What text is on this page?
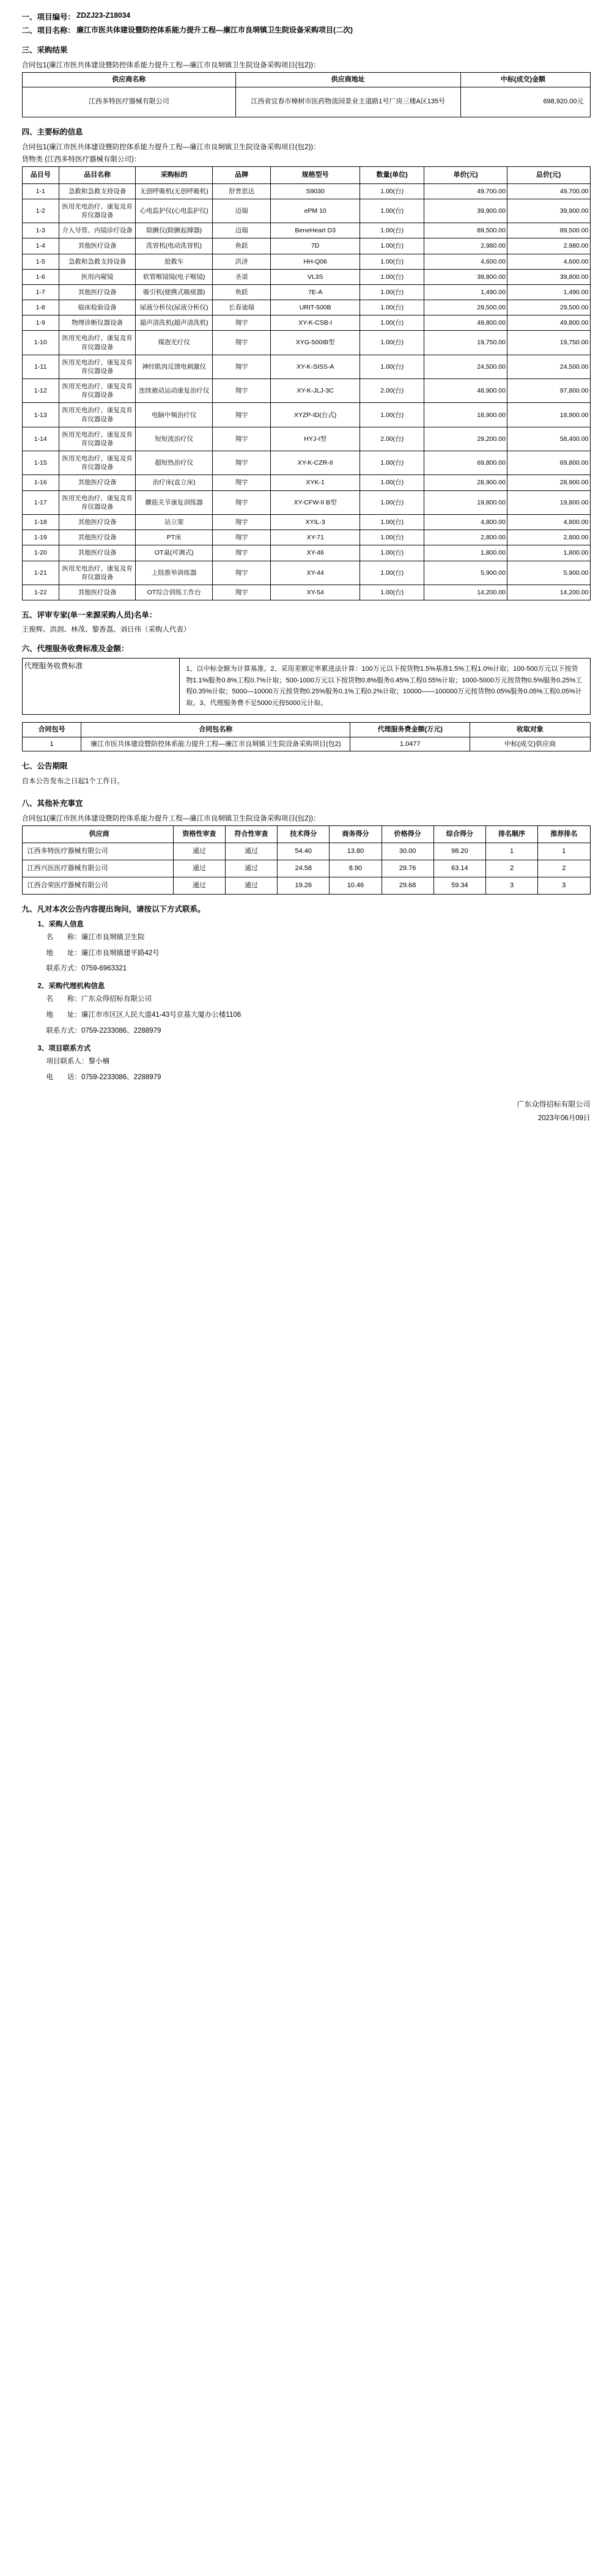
一、项目编号： ZDZJ23-Z18034
二、项目名称： 廉江市医共体建设暨防控体系能力提升工程—廉江市良垌镇卫生院设备采购项目(二次)
三、采购结果
合同包1(廉江市医共体建设暨防控体系能力提升工程—廉江市良垌镇卫生院设备采购项目(包2))：
供应商名称	供应商地址	中标(成交)金额
江西多特医疗器械有限公司	江西省宜春市樟树市医药物流园景业主道路1号厂房三楼A区135号	698,920.00元
四、主要标的信息
合同包1(廉江市医共体建设暨防控体系能力提升工程—廉江市良垌镇卫生院设备采购项目(包2))：
货物类 (江西多特医疗器械有限公司)：
品目号	品目名称	采购标的	品牌	规格型号	数量(单位)	单价(元)	总价(元)
1-1	急救和急救支持设备	无创呼吸机(无创呼吸机)	舒普思达	S9030	1.00(台)	49,700.00	49,700.00
1-2	医用光电治疗、康复及育育仪器设备	心电监护仪(心电监护仪)	迈瑞	ePM 10	1.00(台)	39,900.00	39,900.00
1-3	介入导管、内镜诊疗设备	除颤仪(除颤起搏器)	迈瑞	BeneHeart D3	1.00(台)	89,500.00	89,500.00
1-4	其他医疗设备	洗胃机(电动洗胃机)	鱼跃	7D	1.00(台)	2,980.00	2,980.00
1-5	急救和急救支持设备	抢救车	洪济	HH-Q06	1.00(台)	4,600.00	4,600.00
1-6	医用内窥镜	软管喉镜镜(电子喉镜)	圣诺	VL3S	1.00(台)	39,800.00	39,800.00
1-7	其他医疗设备	吸引机(便携式吸痰器)	鱼跃	7E-A	1.00(台)	1,490.00	1,490.00
1-8	临床检验设备	尿液分析仪(尿液分析仪)	长春迪瑞	URIT-500B	1.00(台)	29,500.00	29,500.00
1-9	物理诊断仪器设备	超声清洗机(超声清洗机)	翔宇	XY-K-CSB-I	1.00(台)	49,800.00	49,800.00
1-10	医用光电治疗、康复及育育仪器设备	煤泡光疗仪	翔宇	XYG-500IB型	1.00(台)	19,750.00	19,750.00
1-11	医用光电治疗、康复及育育仪器设备	神经肌肉反馈电刺激仪	翔宇	XY-K-SISS-A	1.00(台)	24,500.00	24,500.00
1-12	医用光电治疗、康复及育育仪器设备	连续被动运动康复治疗仪	翔宇	XY-K-JLJ-3C	2.00(台)	48,900.00	97,800.00
1-13	医用光电治疗、康复及育育仪器设备	电脑中频治疗仪	翔宇	XYZP-ID(台式)	1.00(台)	18,900.00	18,900.00
1-14	医用光电治疗、康复及育育仪器设备	短短波治疗仪	翔宇	HYJ-I型	2.00(台)	29,200.00	58,400.00
1-15	医用光电治疗、康复及育育仪器设备	超短热治疗仪	翔宇	XY-K-CZR-II	1.00(台)	69,800.00	69,800.00
1-16	其他医疗设备	治疗床(直立床)	翔宇	XYK-1	1.00(台)	28,900.00	28,900.00
1-17	医用光电治疗、康复及育育仪器设备	髁筋关节康复训练器	翔宇	XY-CFW-II B型	1.00(台)	19,800.00	19,800.00
1-18	其他医疗设备	站立架	翔宇	XYIL-3	1.00(台)	4,800.00	4,800.00
1-19	其他医疗设备	PT床	翔宇	XY-71	1.00(台)	2,800.00	2,800.00
1-20	其他医疗设备	OT桌(可调式)	翔宇	XY-46	1.00(台)	1,800.00	1,800.00
1-21	医用光电治疗、康复及育育仪器设备	上肢推举训练器	翔宇	XY-44	1.00(台)	5,900.00	5,900.00
1-22	其他医疗设备	OT综合训练工作台	翔宇	XY-54	1.00(台)	14,200.00	14,200.00
五、评审专家(单一来源采购人员)名单：
王俊辉、洪润、林茂、黎香荔、刘日伟（采购人代表）
六、代理服务收费标准及金额：
代理服务收费标准	1、以中标金额为计算基准。2、采用差额定率累进法计算：100万元以下按货物1.5%基准1.5%工程1.0%计取；100-500万元以下按货物1.1%服务0.8%工程0.7%计取；500-1000万元以下按货物0.8%服务0.45%工程0.55%计取；1000-5000万元按货物0.5%服务0.25%工程0.35%计取；5000—10000万元按货物0.25%服务0.1%工程0.2%计取；10000——100000万元按货物0.05%服务0.05%工程0.05%计取。3、代理服务费不足5000元按5000元计取。
合同包号	合同包名称	代理服务费金额(万元)	收取对象
1	廉江市医共体建设暨防控体系能力提升工程—廉江市良垌镇卫生院设备采购项目(包2)	1.0477	中标(成交)供应商
七、公告期限
自本公告发布之日起1个工作日。
八、其他补充事宜
合同包1(廉江市医共体建设暨防控体系能力提升工程—廉江市良垌镇卫生院设备采购项目(包2))：
供应商	资格性审查	符合性审查	技术得分	商务得分	价格得分	综合得分	排名顺序	推荐排名
江西多特医疗器械有限公司	通过	通过	54.40	13.80	30.00	98.20	1	1
江西兴医医疗器械有限公司	通过	通过	24.58	8.90	29.76	63.14	2	2
江西合荣医疗器械有限公司	通过	通过	19.26	10.46	29.68	59.34	3	3
九、凡对本次公告内容提出询问，请按以下方式联系。
1、采购人信息
名　　称：廉江市良垌镇卫生院
地　　址：廉江市良垌镇建平路42号
联系方式：0759-6963321
2、采购代理机构信息
名　　称：广东众得招标有限公司
地　　址：廉江市市区区人民大道41-43号京基大厦办公楼1106
联系方式：0759-2233086、2288979
3、项目联系方式
项目联系人：黎小楠
电　　话：0759-2233086、2288979
广东众得招标有限公司
2023年06月09日
